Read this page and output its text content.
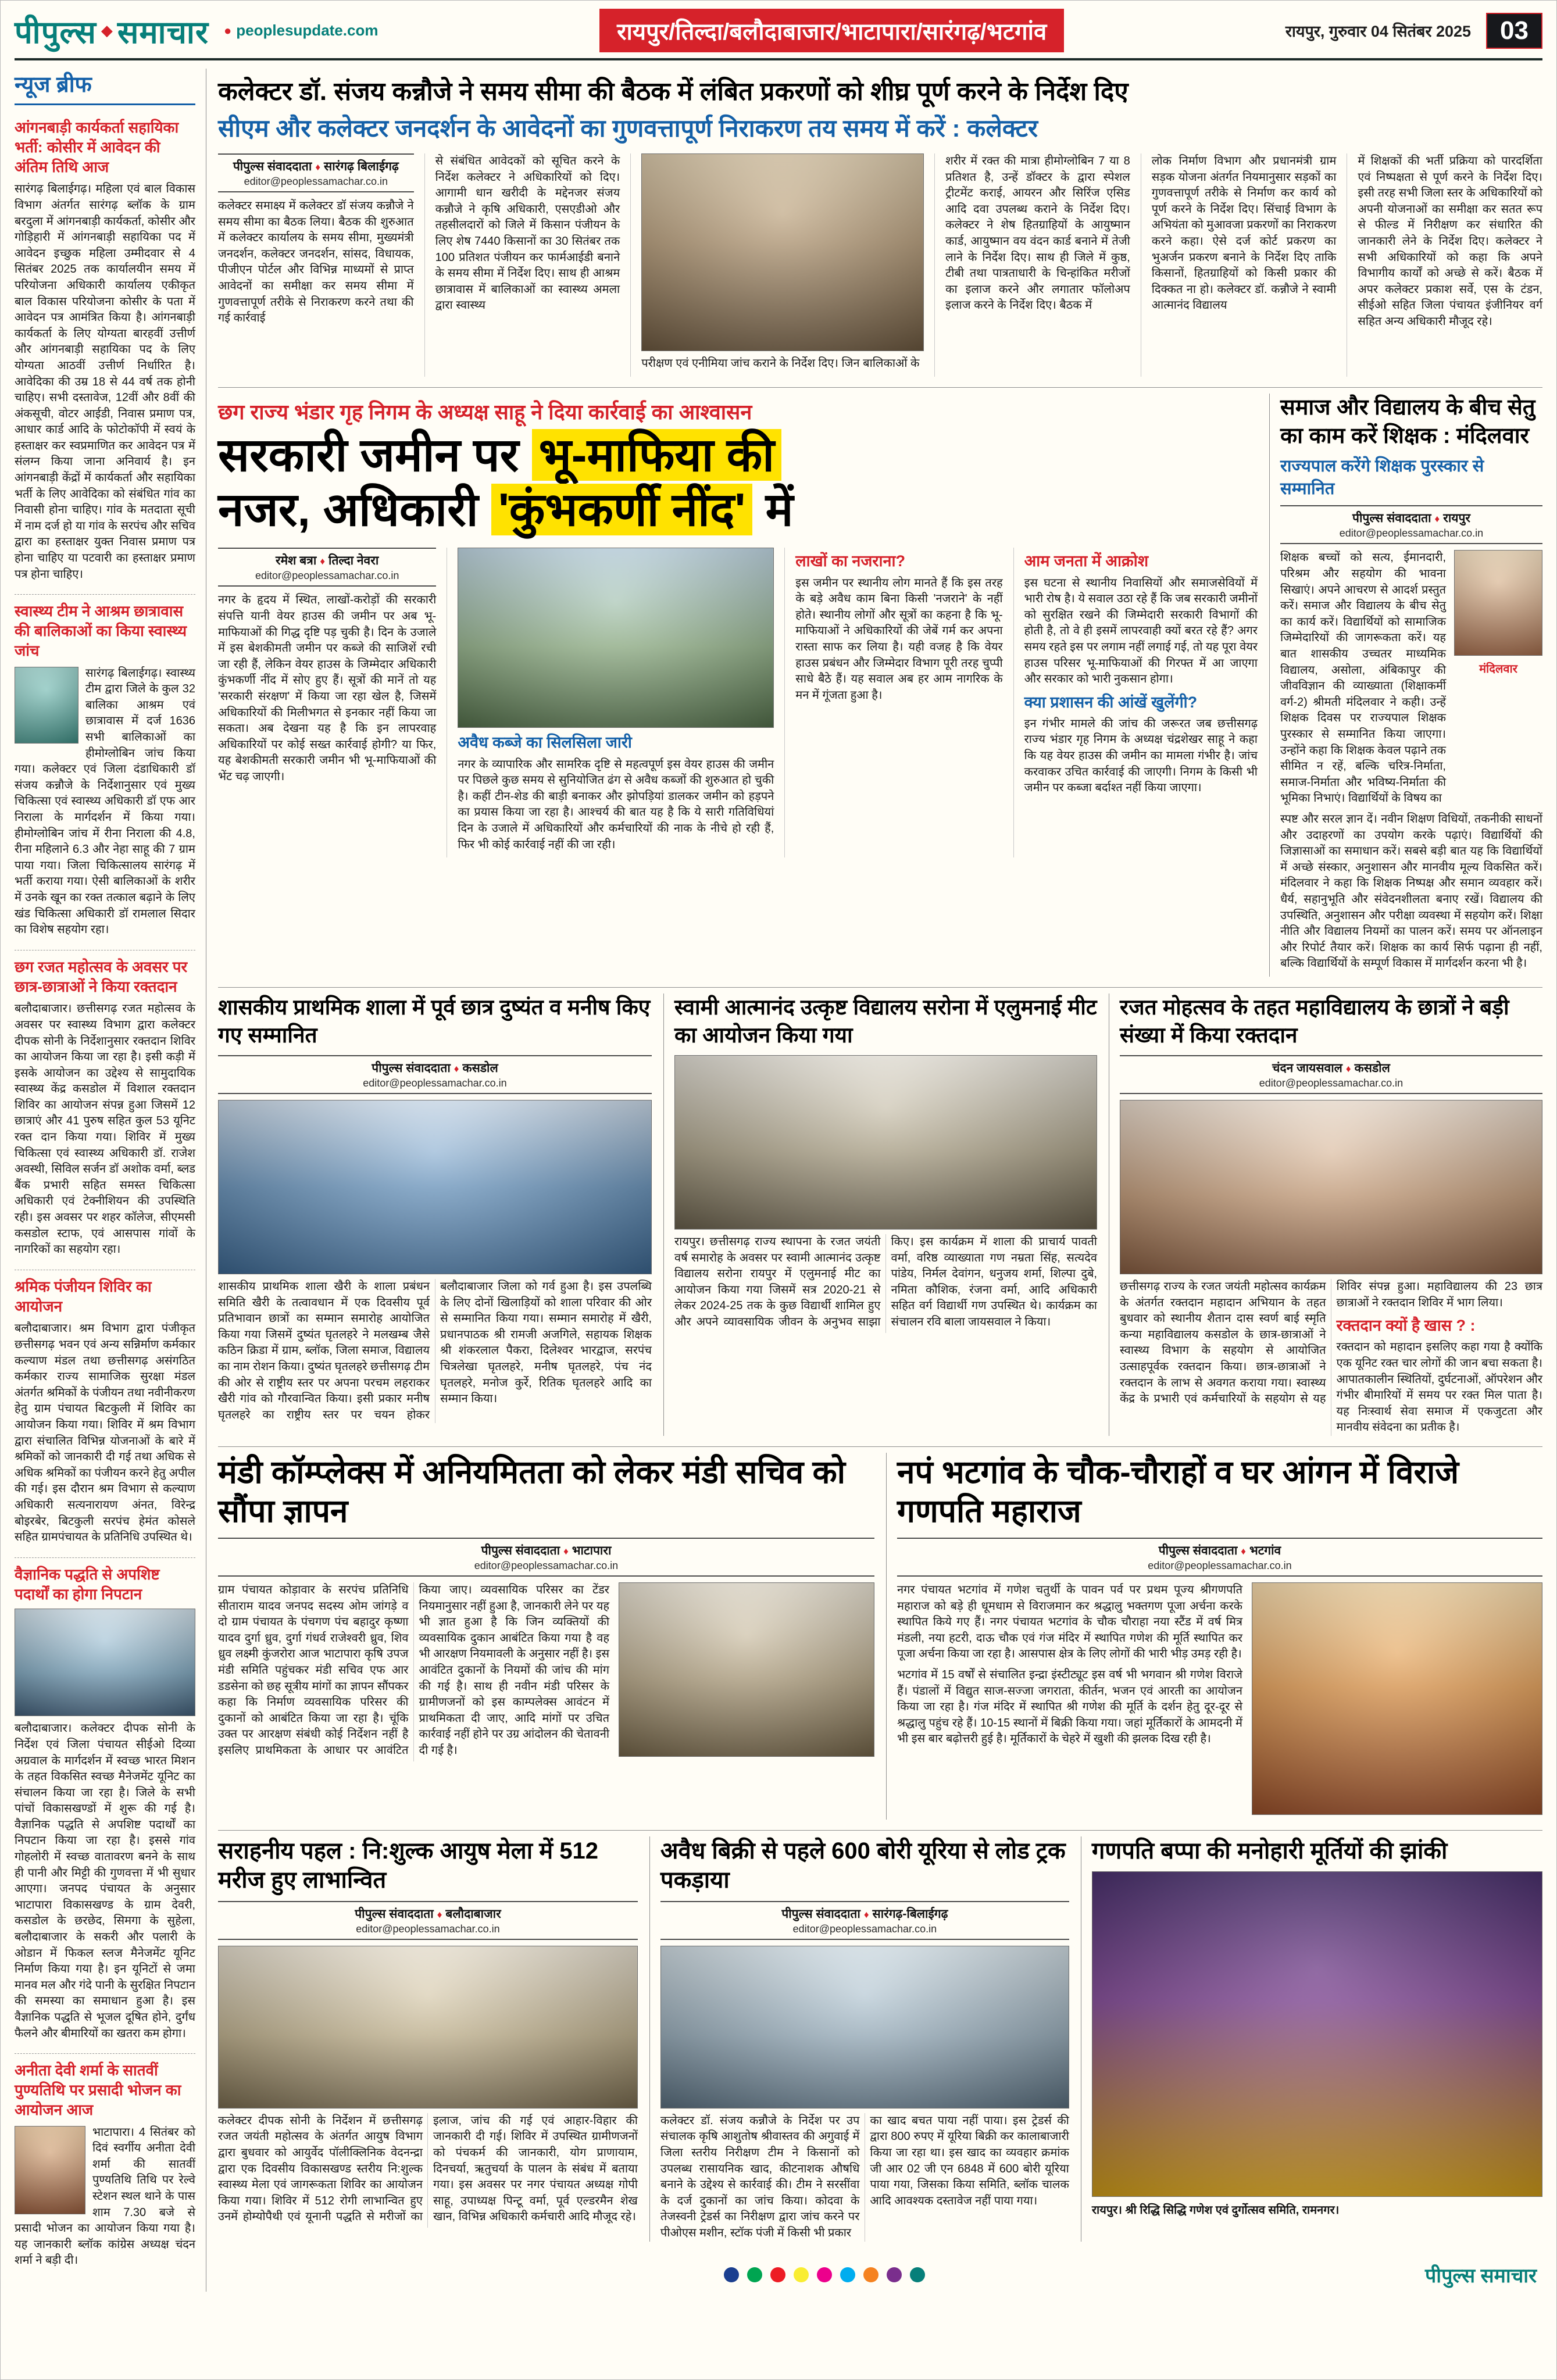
पीपुल्स ◆ समाचार ● peoplesupdate.com	रायपुर/तिल्दा/बलौदाबाजार/भाटापारा/सारंगढ़/भटगांव	रायपुर, गुरुवार 04 सितंबर 2025	03
न्यूज ब्रीफ
आंगनबाड़ी कार्यकर्ता सहायिका भर्ती: कोसीर में आवेदन की अंतिम तिथि आज

सारंगढ़ बिलाईगढ़। महिला एवं बाल विकास विभाग अंतर्गत सारंगढ़ ब्लॉक के ग्राम बरदुला में आंगनबाड़ी कार्यकर्ता, कोसीर और गोड़िहारी में आंगनबाड़ी सहायिका पद में आवेदन इच्छुक महिला उम्मीदवार से 4 सितंबर 2025 तक कार्यालयीन समय में परियोजना अधिकारी कार्यालय एकीकृत बाल विकास परियोजना कोसीर के पता में आवेदन पत्र आमंत्रित किया है। आंगनबाड़ी कार्यकर्ता के लिए योग्यता बारहवीं उत्तीर्ण और आंगनबाड़ी सहायिका पद के लिए योग्यता आठवीं उत्तीर्ण निर्धारित है। आवेदिका की उम्र 18 से 44 वर्ष तक होनी चाहिए। सभी दस्तावेज, 12वीं और 8वीं की अंकसूची, वोटर आईडी, निवास प्रमाण पत्र, आधार कार्ड आदि के फोटोकॉपी में स्वयं के हस्ताक्षर कर स्वप्रमाणित कर आवेदन पत्र में संलग्न किया जाना अनिवार्य है। इन आंगनबाड़ी केंद्रों में कार्यकर्ता और सहायिका भर्ती के लिए आवेदिका को संबंधित गांव का निवासी होना चाहिए। गांव के मतदाता सूची में नाम दर्ज हो या गांव के सरपंच और सचिव द्वारा का हस्ताक्षर युक्त निवास प्रमाण पत्र होना चाहिए या पटवारी का हस्ताक्षर प्रमाण पत्र होना चाहिए।

स्वास्थ्य टीम ने आश्रम छात्रावास की बालिकाओं का किया स्वास्थ्य जांच

सारंगढ़ बिलाईगढ़। स्वास्थ्य टीम द्वारा जिले के कुल 32 बालिका आश्रम एवं छात्रावास में दर्ज 1636 सभी बालिकाओं का हीमोग्लोबिन जांच किया गया। कलेक्टर एवं जिला दंडाधिकारी डॉ संजय कन्नौजे के निर्देशानुसार एवं मुख्य चिकित्सा एवं स्वास्थ्य अधिकारी डॉ एफ आर निराला के मार्गदर्शन में किया गया। हीमोग्लोबिन जांच में रीना निराला की 4.8, रीना महिलाने 6.3 और नेहा साहू की 7 ग्राम पाया गया। जिला चिकित्सालय सारंगढ़ में भर्ती कराया गया। ऐसी बालिकाओं के शरीर में उनके खून का रक्त तत्काल बढ़ाने के लिए खंड चिकित्सा अधिकारी डॉ रामलाल सिदार का विशेष सहयोग रहा।

छग रजत महोत्सव के अवसर पर छात्र-छात्राओं ने किया रक्तदान

बलौदाबाजार। छत्तीसगढ़ रजत महोत्सव के अवसर पर स्वास्थ्य विभाग द्वारा कलेक्टर दीपक सोनी के निर्देशानुसार रक्तदान शिविर का आयोजन किया जा रहा है। इसी कड़ी में इसके आयोजन का उद्देश्य से सामुदायिक स्वास्थ्य केंद्र कसडोल में विशाल रक्तदान शिविर का आयोजन संपन्न हुआ जिसमें 12 छात्राएं और 41 पुरुष सहित कुल 53 यूनिट रक्त दान किया गया। शिविर में मुख्य चिकित्सा एवं स्वास्थ्य अधिकारी डॉ. राजेश अवस्थी, सिविल सर्जन डॉ अशोक वर्मा, ब्लड बैंक प्रभारी सहित समस्त चिकित्सा अधिकारी एवं टेक्नीशियन की उपस्थिति रही। इस अवसर पर शहर कॉलेज, सीएमसी कसडोल स्टाफ, एवं आसपास गांवों के नागरिकों का सहयोग रहा।

श्रमिक पंजीयन शिविर का आयोजन

बलौदाबाजार। श्रम विभाग द्वारा पंजीकृत छत्तीसगढ़ भवन एवं अन्य सन्निर्माण कर्मकार कल्याण मंडल तथा छत्तीसगढ़ असंगठित कर्मकार राज्य सामाजिक सुरक्षा मंडल अंतर्गत श्रमिकों के पंजीयन तथा नवीनीकरण हेतु ग्राम पंचायत बिटकुली में शिविर का आयोजन किया गया। शिविर में श्रम विभाग द्वारा संचालित विभिन्न योजनाओं के बारे में श्रमिकों को जानकारी दी गई तथा अधिक से अधिक श्रमिकों का पंजीयन करने हेतु अपील की गई। इस दौरान श्रम विभाग से कल्याण अधिकारी सत्यनारायण अंनत, विरेन्द्र बोइरबेर, बिटकुली सरपंच हेमंत कोसले सहित ग्रामपंचायत के प्रतिनिधि उपस्थित थे।

वैज्ञानिक पद्धति से अपशिष्ट पदार्थों का होगा निपटान

बलौदाबाजार। कलेक्टर दीपक सोनी के निर्देश एवं जिला पंचायत सीईओ दिव्या अग्रवाल के मार्गदर्शन में स्वच्छ भारत मिशन के तहत विकसित स्वच्छ मैनेजमेंट यूनिट का संचालन किया जा रहा है। जिले के सभी पांचों विकासखण्डों में शुरू की गई है। वैज्ञानिक पद्धति से अपशिष्ट पदार्थों का निपटान किया जा रहा है। इससे गांव गोहलोरी में स्वच्छ वातावरण बनने के साथ ही पानी और मिट्टी की गुणवत्ता में भी सुधार आएगा। जनपद पंचायत के अनुसार भाटापारा विकासखण्ड के ग्राम देवरी, कसडोल के छरछेद, सिमगा के सुहेला, बलौदाबाजार के सकरी और पलारी के ओडान में फिकल स्लज मैनेजमेंट यूनिट निर्माण किया गया है। इन यूनिटों से जमा मानव मल और गंदे पानी के सुरक्षित निपटान की समस्या का समाधान हुआ है। इस वैज्ञानिक पद्धति से भूजल दूषित होने, दुर्गंध फैलने और बीमारियों का खतरा कम होगा।

अनीता देवी शर्मा के सातवीं पुण्यतिथि पर प्रसादी भोजन का आयोजन आज

भाटापारा। 4 सितंबर को दिवं स्वर्गीय अनीता देवी शर्मा की सातवीं पुण्यतिथि तिथि पर रेल्वे स्टेशन स्थल थाने के पास शाम 7.30 बजे से प्रसादी भोजन का आयोजन किया गया है। यह जानकारी ब्लॉक कांग्रेस अध्यक्ष चंदन शर्मा ने बड़ी दी।

कलेक्टर डॉ. संजय कन्नौजे ने समय सीमा की बैठक में लंबित प्रकरणों को शीघ्र पूर्ण करने के निर्देश दिए
सीएम और कलेक्टर जनदर्शन के आवेदनों का गुणवत्तापूर्ण निराकरण तय समय में करें : कलेक्टर
पीपुल्स संवाददाता ♦ सारंगढ़ बिलाईगढ़
editor@peoplessamachar.co.in

कलेक्टर समाक्ष्य में कलेक्टर डॉ संजय कन्नौजे ने समय सीमा का बैठक लिया। बैठक की शुरुआत में कलेक्टर कार्यालय के समय सीमा, मुख्यमंत्री जनदर्शन, कलेक्टर जनदर्शन, सांसद, विधायक, पीजीएन पोर्टल और विभिन्न माध्यमों से प्राप्त आवेदनों का समीक्षा कर समय सीमा में गुणवत्तापूर्ण तरीके से निराकरण करने तथा की गई कार्रवाई

से संबंधित आवेदकों को सूचित करने के निर्देश कलेक्टर ने अधिकारियों को दिए। आगामी धान खरीदी के मद्देनजर संजय कन्नौजे ने कृषि अधिकारी, एसएडीओ और तहसीलदारों को जिले में किसान पंजीयन के लिए शेष 7440 किसानों का 30 सितंबर तक 100 प्रतिशत पंजीयन कर फार्मआईडी बनाने के समय सीमा में निर्देश दिए। साथ ही आश्रम छात्रावास में बालिकाओं का स्वास्थ्य अमला द्वारा स्वास्थ्य

परीक्षण एवं एनीमिया जांच कराने के निर्देश दिए। जिन बालिकाओं के

शरीर में रक्त की मात्रा हीमोग्लोबिन 7 या 8 प्रतिशत है, उन्हें डॉक्टर के द्वारा स्पेशल ट्रीटमेंट कराई, आयरन और सिरिंज एसिड आदि दवा उपलब्ध कराने के निर्देश दिए। कलेक्टर ने शेष हितग्राहियों के आयुष्मान कार्ड, आयुष्मान वय वंदन कार्ड बनाने में तेजी लाने के निर्देश दिए। साथ ही जिले में कुष्ठ, टीबी तथा पात्रताधारी के चिन्हांकित मरीजों का इलाज करने और लगातार फॉलोअप इलाज करने के निर्देश दिए। बैठक में

लोक निर्माण विभाग और प्रधानमंत्री ग्राम सड़क योजना अंतर्गत नियमानुसार सड़कों का गुणवत्तापूर्ण तरीके से निर्माण कर कार्य को पूर्ण करने के निर्देश दिए। सिंचाई विभाग के अभियंता को मुआवजा प्रकरणों का निराकरण करने कहा। ऐसे दर्ज कोर्ट प्रकरण का भुअर्जन प्रकरण बनाने के निर्देश दिए ताकि किसानों, हितग्राहियों को किसी प्रकार की दिक्कत ना हो। कलेक्टर डॉ. कन्नौजे ने स्वामी आत्मानंद विद्यालय

में शिक्षकों की भर्ती प्रक्रिया को पारदर्शिता एवं निष्पक्षता से पूर्ण करने के निर्देश दिए। इसी तरह सभी जिला स्तर के अधिकारियों को अपनी योजनाओं का समीक्षा कर सतत रूप से फील्ड में निरीक्षण कर संधारित की जानकारी लेने के निर्देश दिए। कलेक्टर ने सभी अधिकारियों को कहा कि अपने विभागीय कार्यों को अच्छे से करें। बैठक में अपर कलेक्टर प्रकाश सर्वे, एस के टंडन, सीईओ सहित जिला पंचायत इंजीनियर वर्ग सहित अन्य अधिकारी मौजूद रहे।

छग राज्य भंडार गृह निगम के अध्यक्ष साहू ने दिया कार्रवाई का आश्वासन
सरकारी जमीन पर भू-माफिया की
नजर, अधिकारी 'कुंभकर्णी नींद' में
रमेश बत्रा ♦ तिल्दा नेवरा
editor@peoplessamachar.co.in

नगर के हृदय में स्थित, लाखों-करोड़ों की सरकारी संपत्ति यानी वेयर हाउस की जमीन पर अब भू-माफियाओं की गिद्ध दृष्टि पड़ चुकी है। दिन के उजाले में इस बेशकीमती जमीन पर कब्जे की साजिशें रची जा रही हैं, लेकिन वेयर हाउस के जिम्मेदार अधिकारी कुंभकर्णी नींद में सोए हुए हैं। सूत्रों की मानें तो यह 'सरकारी संरक्षण' में किया जा रहा खेल है, जिसमें अधिकारियों की मिलीभगत से इनकार नहीं किया जा सकता। अब देखना यह है कि इन लापरवाह अधिकारियों पर कोई सख्त कार्रवाई होगी? या फिर, यह बेशकीमती सरकारी जमीन भी भू-माफियाओं की भेंट चढ़ जाएगी।

अवैध कब्जे का सिलसिला जारी

नगर के व्यापारिक और सामरिक दृष्टि से महत्वपूर्ण इस वेयर हाउस की जमीन पर पिछले कुछ समय से सुनियोजित ढंग से अवैध कब्जों की शुरुआत हो चुकी है। कहीं टीन-शेड की बाड़ी बनाकर और झोपड़ियां डालकर जमीन को हड़पने का प्रयास किया जा रहा है। आश्चर्य की बात यह है कि ये सारी गतिविधियां दिन के उजाले में अधिकारियों और कर्मचारियों की नाक के नीचे हो रही हैं, फिर भी कोई कार्रवाई नहीं की जा रही।

लाखों का नजराना?

इस जमीन पर स्थानीय लोग मानते हैं कि इस तरह के बड़े अवैध काम बिना किसी 'नजराने' के नहीं होते। स्थानीय लोगों और सूत्रों का कहना है कि भू-माफियाओं ने अधिकारियों की जेबें गर्म कर अपना रास्ता साफ कर लिया है। यही वजह है कि वेयर हाउस प्रबंधन और जिम्मेदार विभाग पूरी तरह चुप्पी साधे बैठे हैं। यह सवाल अब हर आम नागरिक के मन में गूंजता हुआ है।

आम जनता में आक्रोश

इस घटना से स्थानीय निवासियों और समाजसेवियों में भारी रोष है। ये सवाल उठा रहे हैं कि जब सरकारी जमीनों को सुरक्षित रखने की जिम्मेदारी सरकारी विभागों की होती है, तो वे ही इसमें लापरवाही क्यों बरत रहे हैं? अगर समय रहते इस पर लगाम नहीं लगाई गई, तो यह पूरा वेयर हाउस परिसर भू-माफियाओं की गिरफ्त में आ जाएगा और सरकार को भारी नुकसान होगा।

क्या प्रशासन की आंखें खुलेंगी?

इन गंभीर मामले की जांच की जरूरत जब छत्तीसगढ़ राज्य भंडार गृह निगम के अध्यक्ष चंद्रशेखर साहू ने कहा कि यह वेयर हाउस की जमीन का मामला गंभीर है। जांच करवाकर उचित कार्रवाई की जाएगी। निगम के किसी भी जमीन पर कब्जा बर्दाश्त नहीं किया जाएगा।

समाज और विद्यालय के बीच सेतु का काम करें शिक्षक : मंदिलवार
राज्यपाल करेंगे शिक्षक पुरस्कार से सम्मानित
पीपुल्स संवाददाता ♦ रायपुर
editor@peoplessamachar.co.in

शिक्षक बच्चों को सत्य, ईमानदारी, परिश्रम और सहयोग की भावना सिखाएं। अपने आचरण से आदर्श प्रस्तुत करें। समाज और विद्यालय के बीच सेतु का कार्य करें। विद्यार्थियों को सामाजिक जिम्मेदारियों की जागरूकता करें। यह बात शासकीय उच्चतर माध्यमिक विद्यालय, असोला, अंबिकापुर की जीवविज्ञान की व्याख्याता (शिक्षाकर्मी वर्ग-2) श्रीमती मंदिलवार ने कही। उन्हें शिक्षक दिवस पर राज्यपाल शिक्षक पुरस्कार से सम्मानित किया जाएगा। उन्होंने कहा कि शिक्षक केवल पढ़ाने तक सीमित न रहें, बल्कि चरित्र-निर्माता, समाज-निर्माता और भविष्य-निर्माता की भूमिका निभाएं। विद्यार्थियों के विषय का

मंदिलवार

स्पष्ट और सरल ज्ञान दें। नवीन शिक्षण विधियों, तकनीकी साधनों और उदाहरणों का उपयोग करके पढ़ाएं। विद्यार्थियों की जिज्ञासाओं का समाधान करें। सबसे बड़ी बात यह कि विद्यार्थियों में अच्छे संस्कार, अनुशासन और मानवीय मूल्य विकसित करें। मंदिलवार ने कहा कि शिक्षक निष्पक्ष और समान व्यवहार करें। धैर्य, सहानुभूति और संवेदनशीलता बनाए रखें। विद्यालय की उपस्थिति, अनुशासन और परीक्षा व्यवस्था में सहयोग करें। शिक्षा नीति और विद्यालय नियमों का पालन करें। समय पर ऑनलाइन और रिपोर्ट तैयार करें। शिक्षक का कार्य सिर्फ पढ़ाना ही नहीं, बल्कि विद्यार्थियों के सम्पूर्ण विकास में मार्गदर्शन करना भी है।

शासकीय प्राथमिक शाला में पूर्व छात्र दुष्यंत व मनीष किए गए सम्मानित
पीपुल्स संवाददाता ♦ कसडोल
editor@peoplessamachar.co.in

शासकीय प्राथमिक शाला खैरी के शाला प्रबंधन समिति खैरी के तत्वावधान में एक दिवसीय पूर्व प्रतिभावान छात्रों का सम्मान समारोह आयोजित किया गया जिसमें दुष्यंत घृतलहरे ने मलखम्ब जैसे कठिन क्रिडा में ग्राम, ब्लॉक, जिला समाज, विद्यालय का नाम रोशन किया। दुष्यंत घृतलहरे छत्तीसगढ़ टीम की ओर से राष्ट्रीय स्तर पर अपना परचम लहराकर खैरी गांव को गौरवान्वित किया। इसी प्रकार मनीष घृतलहरे का राष्ट्रीय स्तर पर चयन होकर बलौदाबाजार जिला को गर्व हुआ है। इस उपलब्धि के लिए दोनों खिलाड़ियों को शाला परिवार की ओर से सम्मानित किया गया। सम्मान समारोह में खैरी, प्रधानपाठक श्री रामजी अजगिले, सहायक शिक्षक श्री शंकरलाल पैकरा, दिलेश्वर भारद्वाज, सरपंच चित्रलेखा घृतलहरे, मनीष घृतलहरे, पंच नंद घृतलहरे, मनोज कुर्रे, रितिक घृतलहरे आदि का सम्मान किया।

स्वामी आत्मानंद उत्कृष्ट विद्यालय सरोना में एलुमनाई मीट का आयोजन किया गया

रायपुर। छत्तीसगढ़ राज्य स्थापना के रजत जयंती वर्ष समारोह के अवसर पर स्वामी आत्मानंद उत्कृष्ट विद्यालय सरोना रायपुर में एलुमनाई मीट का आयोजन किया गया जिसमें सत्र 2020-21 से लेकर 2024-25 तक के कुछ विद्यार्थी शामिल हुए और अपने व्यावसायिक जीवन के अनुभव साझा किए। इस कार्यक्रम में शाला की प्राचार्य पावती वर्मा, वरिष्ठ व्याख्याता गण नम्रता सिंह, सत्यदेव पांडेय, निर्मल देवांगन, धनुजय शर्मा, शिल्पा दुबे, नमिता कौशिक, रंजना वर्मा, आदि अधिकारी सहित वर्ग विद्यार्थी गण उपस्थित थे। कार्यक्रम का संचालन रवि बाला जायसवाल ने किया।

रजत मोहत्सव के तहत महाविद्यालय के छात्रों ने बड़ी संख्या में किया रक्तदान
चंदन जायसवाल ♦ कसडोल
editor@peoplessamachar.co.in

छत्तीसगढ़ राज्य के रजत जयंती महोत्सव कार्यक्रम के अंतर्गत रक्तदान महादान अभियान के तहत बुधवार को स्थानीय शैतान दास स्वर्ण बाई स्मृति कन्या महाविद्यालय कसडोल के छात्र-छात्राओं ने स्वास्थ्य विभाग के सहयोग से आयोजित उत्साहपूर्वक रक्तदान किया। छात्र-छात्राओं ने रक्तदान के लाभ से अवगत कराया गया। स्वास्थ्य केंद्र के प्रभारी एवं कर्मचारियों के सहयोग से यह शिविर संपन्न हुआ। महाविद्यालय की 23 छात्र छात्राओं ने रक्तदान शिविर में भाग लिया।

रक्तदान क्यों है खास ? :

रक्तदान को महादान इसलिए कहा गया है क्योंकि एक यूनिट रक्त चार लोगों की जान बचा सकता है। आपातकालीन स्थितियों, दुर्घटनाओं, ऑपरेशन और गंभीर बीमारियों में समय पर रक्त मिल पाता है। यह निःस्वार्थ सेवा समाज में एकजुटता और मानवीय संवेदना का प्रतीक है।

मंडी कॉम्प्लेक्स में अनियमितता को लेकर मंडी सचिव को सौंपा ज्ञापन
पीपुल्स संवाददाता ♦ भाटापारा
editor@peoplessamachar.co.in

ग्राम पंचायत कोड़ावार के सरपंच प्रतिनिधि सीताराम यादव जनपद सदस्य ओम जांगड़े व दो ग्राम पंचायत के पंचगण पंच बहादुर कृष्णा यादव दुर्गा ध्रुव, दुर्गा गंधर्व राजेश्वरी ध्रुव, शिव ध्रुव लक्ष्मी कुंजरोरा आज भाटापारा कृषि उपज मंडी समिति पहुंचकर मंडी सचिव एफ आर डडसेना को छह सूत्रीय मांगों का ज्ञापन सौंपकर कहा कि निर्माण व्यवसायिक परिसर की दुकानों को आबंटित किया जा रहा है। चूंकि उक्त पर आरक्षण संबंधी कोई निर्देशन नहीं है इसलिए प्राथमिकता के आधार पर आवंटित किया जाए। व्यवसायिक परिसर का टेंडर नियमानुसार नहीं हुआ है, जानकारी लेने पर यह भी ज्ञात हुआ है कि जिन व्यक्तियों की व्यवसायिक दुकान आबंटित किया गया है वह भी आरक्षण नियमावली के अनुसार नहीं है। इस आवंटित दुकानों के नियमों की जांच की मांग की गई है। साथ ही नवीन मंडी परिसर के ग्रामीणजनों को इस काम्पलेक्स आवंटन में प्राथमिकता दी जाए, आदि मांगों पर उचित कार्रवाई नहीं होने पर उग्र आंदोलन की चेतावनी दी गई है।

नपं भटगांव के चौक-चौराहों व घर आंगन में विराजे गणपति महाराज
पीपुल्स संवाददाता ♦ भटगांव
editor@peoplessamachar.co.in

नगर पंचायत भटगांव में गणेश चतुर्थी के पावन पर्व पर प्रथम पूज्य श्रीगणपति महाराज को बड़े ही धूमधाम से विराजमान कर श्रद्धालु भक्तगण पूजा अर्चना करके स्थापित किये गए हैं। नगर पंचायत भटगांव के चौक चौराहा नया स्टैंड में वर्ष मित्र मंडली, नया हटरी, दाऊ चौक एवं गंज मंदिर में स्थापित गणेश की मूर्ति स्थापित कर पूजा अर्चना किया जा रहा है। आसपास क्षेत्र के लिए लोगों की भारी भीड़ उमड़ रही है।

भटगांव में 15 वर्षों से संचालित इन्द्रा इंस्टीट्यूट इस वर्ष भी भगवान श्री गणेश विराजे हैं। पंडालों में विद्युत साज-सज्जा जगराता, कीर्तन, भजन एवं आरती का आयोजन किया जा रहा है। गंज मंदिर में स्थापित श्री गणेश की मूर्ति के दर्शन हेतु दूर-दूर से श्रद्धालु पहुंच रहे हैं। 10-15 स्थानों में बिक्री किया गया। जहां मूर्तिकारों के आमदनी में भी इस बार बढ़ोत्तरी हुई है। मूर्तिकारों के चेहरे में खुशी की झलक दिख रही है।

सराहनीय पहल : नि:शुल्क आयुष मेला में 512 मरीज हुए लाभान्वित
पीपुल्स संवाददाता ♦ बलौदाबाजार
editor@peoplessamachar.co.in

कलेक्टर दीपक सोनी के निर्देशन में छत्तीसगढ़ रजत जयंती महोत्सव के अंतर्गत आयुष विभाग द्वारा बुधवार को आयुर्वेद पॉलीक्लिनिक वेदनन्द्रा द्वारा एक दिवसीय विकासखण्ड स्तरीय नि:शुल्क स्वास्थ्य मेला एवं जागरूकता शिविर का आयोजन किया गया। शिविर में 512 रोगी लाभान्वित हुए उनमें होम्योपैथी एवं यूनानी पद्धति से मरीजों का इलाज, जांच की गई एवं आहार-विहार की जानकारी दी गई। शिविर में उपस्थित ग्रामीणजनों को पंचकर्म की जानकारी, योग प्राणायाम, दिनचर्या, ऋतुचर्या के पालन के संबंध में बताया गया। इस अवसर पर नगर पंचायत अध्यक्ष गोपी साहू, उपाध्यक्ष पिन्टू वर्मा, पूर्व एल्डरमैन शेख खान, विभिन्न अधिकारी कर्मचारी आदि मौजूद रहे।

अवैध बिक्री से पहले 600 बोरी यूरिया से लोड ट्रक पकड़ाया
पीपुल्स संवाददाता ♦ सारंगढ़-बिलाईगढ़
editor@peoplessamachar.co.in

कलेक्टर डॉ. संजय कन्नौजे के निर्देश पर उप संचालक कृषि आशुतोष श्रीवास्तव की अगुवाई में जिला स्तरीय निरीक्षण टीम ने किसानों को उपलब्ध रासायनिक खाद, कीटनाशक औषधि बनाने के उद्देश्य से कार्रवाई की। टीम ने सरसींवा के दर्ज दुकानों का जांच किया। कोदवा के तेजस्वनी ट्रेडर्स का निरीक्षण द्वारा जांच करने पर पीओएस मशीन, स्टॉक पंजी में किसी भी प्रकार

का खाद बचत पाया नहीं पाया। इस ट्रेडर्स की द्वारा 800 रुपए में यूरिया बिक्री कर कालाबाजारी किया जा रहा था। इस खाद का व्यवहार क्रमांक जी आर 02 जी एन 6848 में 600 बोरी यूरिया पाया गया, जिसका किया समिति, ब्लॉक चालक आदि आवश्यक दस्तावेज नहीं पाया गया।

गणपति बप्पा की मनोहारी मूर्तियों की झांकी
रायपुर। श्री रिद्धि सिद्धि गणेश एवं दुर्गोत्सव समिति, रामनगर।
पीपुल्स समाचार
